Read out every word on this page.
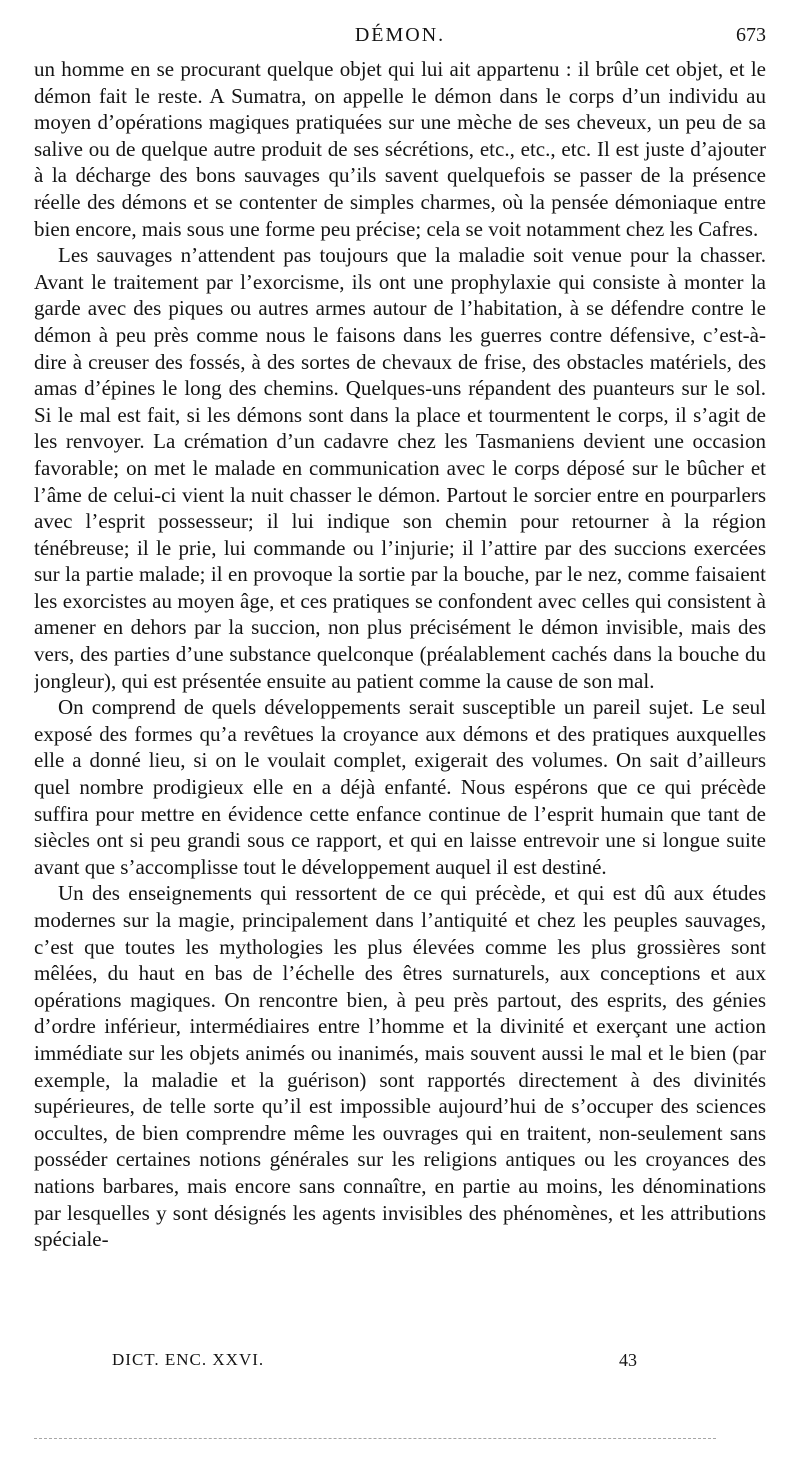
DÉMON.	673

un homme en se procurant quelque objet qui lui ait appartenu : il brûle cet objet, et le démon fait le reste. A Sumatra, on appelle le démon dans le corps d’un individu au moyen d’opérations magiques pratiquées sur une mèche de ses cheveux, un peu de sa salive ou de quelque autre produit de ses sécrétions, etc., etc., etc. Il est juste d’ajouter à la décharge des bons sauvages qu’ils savent quelquefois se passer de la présence réelle des démons et se contenter de simples charmes, où la pensée démoniaque entre bien encore, mais sous une forme peu précise; cela se voit notamment chez les Cafres.

Les sauvages n’attendent pas toujours que la maladie soit venue pour la chasser. Avant le traitement par l’exorcisme, ils ont une prophylaxie qui consiste à monter la garde avec des piques ou autres armes autour de l’habitation, à se défendre contre le démon à peu près comme nous le faisons dans les guerres contre défensive, c’est-à-dire à creuser des fossés, à des sortes de chevaux de frise, des obstacles matériels, des amas d’épines le long des chemins. Quelques-uns répandent des puanteurs sur le sol. Si le mal est fait, si les démons sont dans la place et tourmentent le corps, il s’agit de les renvoyer. La crémation d’un cadavre chez les Tasmaniens devient une occasion favorable; on met le malade en communication avec le corps déposé sur le bûcher et l’âme de celui-ci vient la nuit chasser le démon. Partout le sorcier entre en pourparlers avec l’esprit possesseur; il lui indique son chemin pour retourner à la région ténébreuse; il le prie, lui commande ou l’injurie; il l’attire par des succions exercées sur la partie malade; il en provoque la sortie par la bouche, par le nez, comme faisaient les exorcistes au moyen âge, et ces pratiques se confondent avec celles qui consistent à amener en dehors par la succion, non plus précisément le démon invisible, mais des vers, des parties d’une substance quelconque (préalablement cachés dans la bouche du jongleur), qui est présentée ensuite au patient comme la cause de son mal.

On comprend de quels développements serait susceptible un pareil sujet. Le seul exposé des formes qu’a revêtues la croyance aux démons et des pratiques auxquelles elle a donné lieu, si on le voulait complet, exigerait des volumes. On sait d’ailleurs quel nombre prodigieux elle en a déjà enfanté. Nous espérons que ce qui précède suffira pour mettre en évidence cette enfance continue de l’esprit humain que tant de siècles ont si peu grandi sous ce rapport, et qui en laisse entrevoir une si longue suite avant que s’accomplisse tout le développement auquel il est destiné.

Un des enseignements qui ressortent de ce qui précède, et qui est dû aux études modernes sur la magie, principalement dans l’antiquité et chez les peuples sauvages, c’est que toutes les mythologies les plus élevées comme les plus grossières sont mêlées, du haut en bas de l’échelle des êtres surnaturels, aux conceptions et aux opérations magiques. On rencontre bien, à peu près partout, des esprits, des génies d’ordre inférieur, intermédiaires entre l’homme et la divinité et exerçant une action immédiate sur les objets animés ou inanimés, mais souvent aussi le mal et le bien (par exemple, la maladie et la guérison) sont rapportés directement à des divinités supérieures, de telle sorte qu’il est impossible aujourd’hui de s’occuper des sciences occultes, de bien comprendre même les ouvrages qui en traitent, non-seulement sans posséder certaines notions générales sur les religions antiques ou les croyances des nations barbares, mais encore sans connaître, en partie au moins, les dénominations par lesquelles y sont désignés les agents invisibles des phénomènes, et les attributions spéciale-

DICT. ENC. XXVI.	43
